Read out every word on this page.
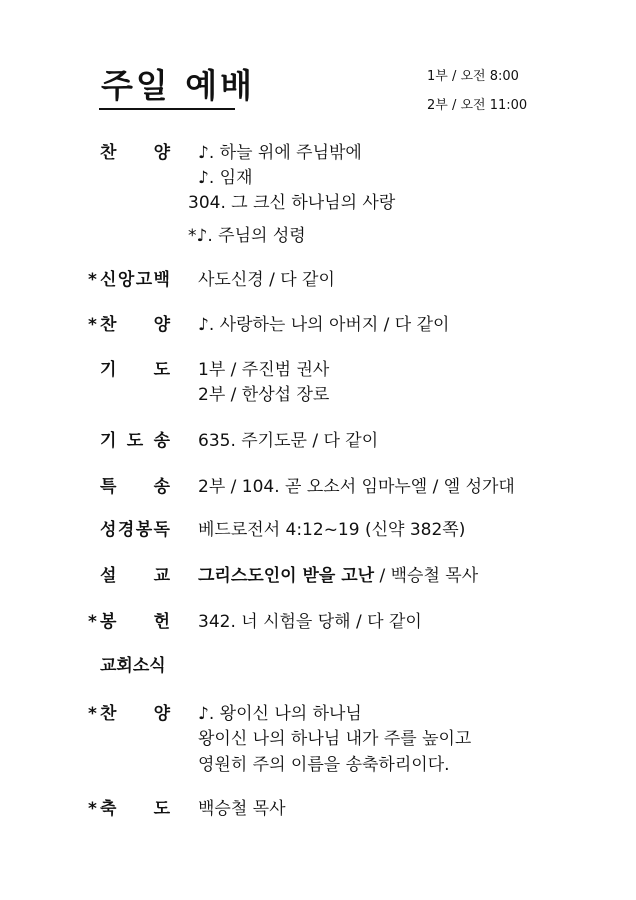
주일 예배	1부 / 오전 8:00
2부 / 오전 11:00
찬 양 ♪. 하늘 위에 주님밖에
♪. 임재
304. 그 크신 하나님의 사랑
*♪. 주님의 성령
* 신 앙 고 백 사도신경 / 다 같이
* 찬 양 ♪. 사랑하는 나의 아버지 / 다 같이
기 도 1부 / 주진범 권사
2부 / 한상섭 장로
기 도 송 635. 주기도문 / 다 같이
특 송 2부 / 104. 곧 오소서 임마누엘 / 엘 성가대
성 경 봉 독 베드로전서 4:12~19 (신약 382쪽)
설 교 그리스도인이 받을 고난 / 백승철 목사
* 봉 헌 342. 너 시험을 당해 / 다 같이
교회소식
* 찬 양 ♪. 왕이신 나의 하나님
왕이신 나의 하나님 내가 주를 높이고
영원히 주의 이름을 송축하리이다.
* 축 도 백승철 목사
